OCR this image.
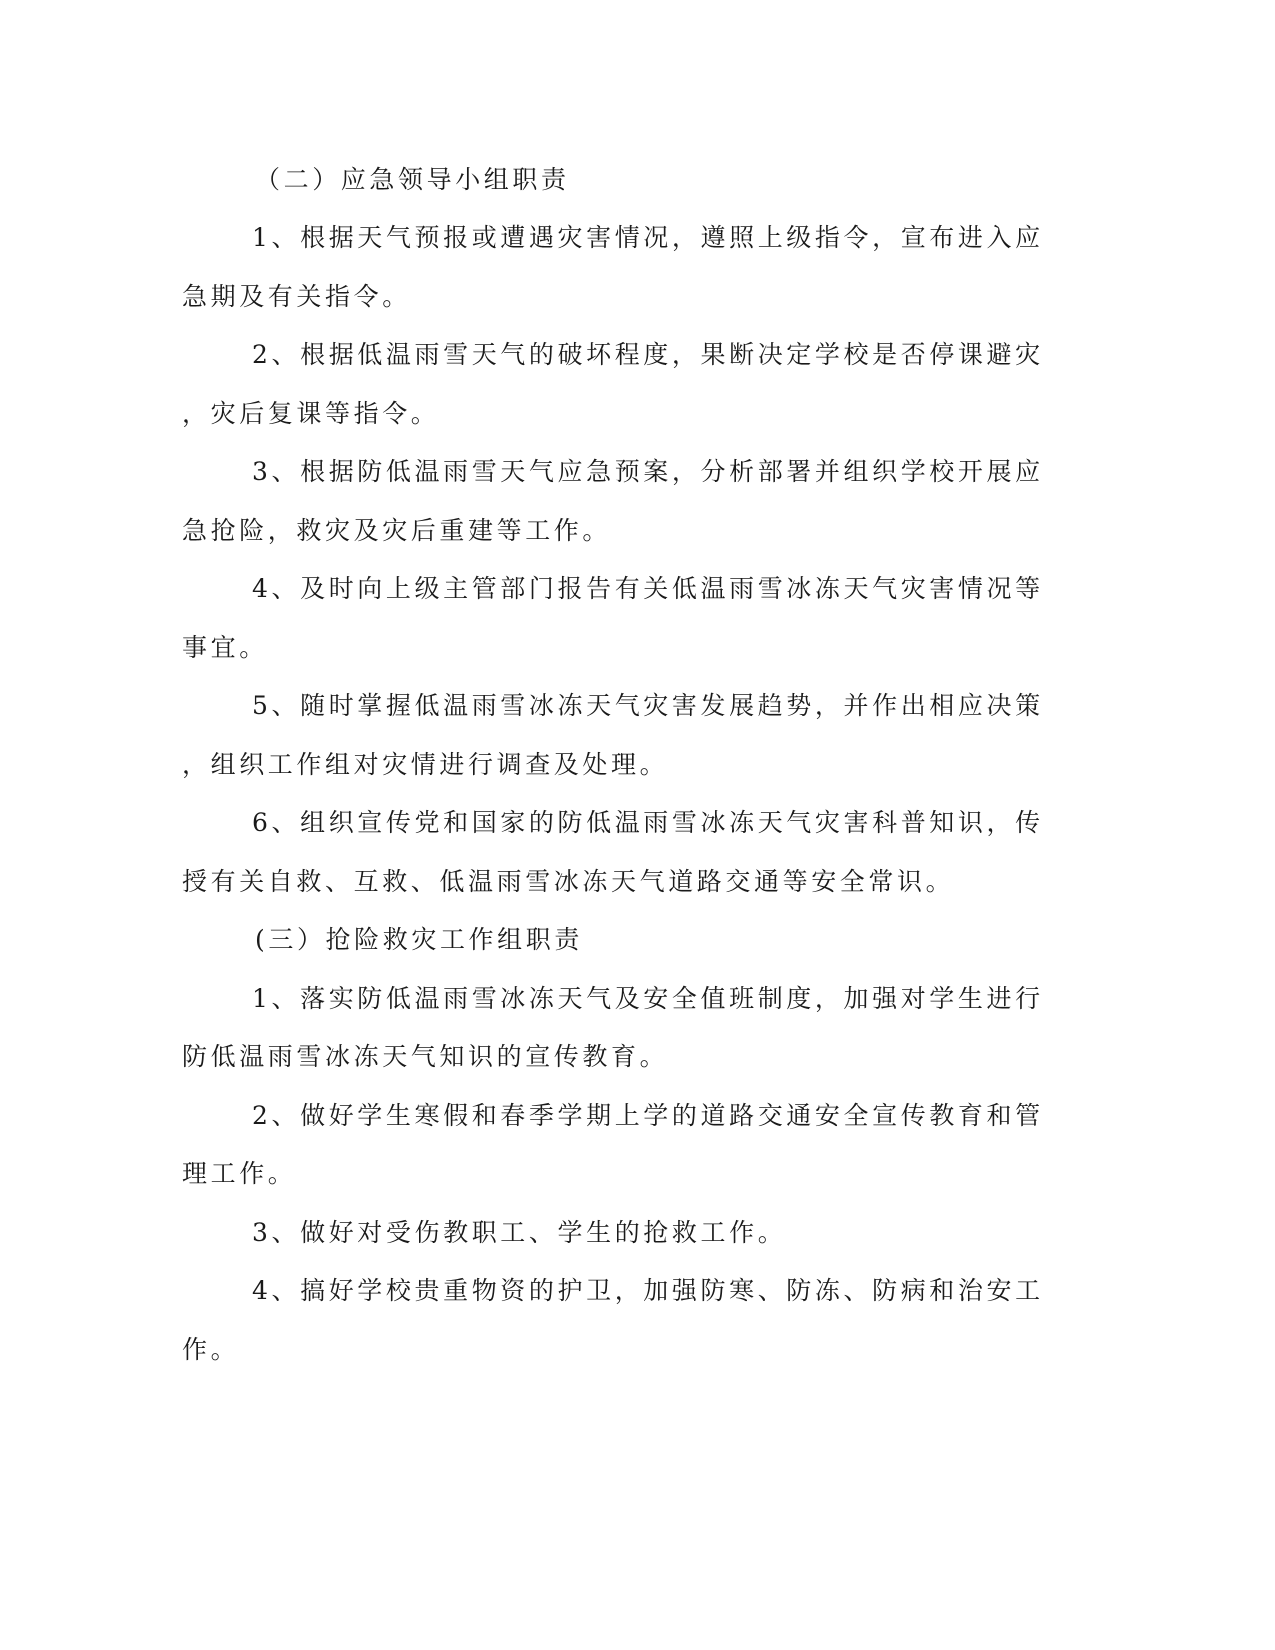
（二）应急领导小组职责
1、根据天气预报或遭遇灾害情况，遵照上级指令，宣布进入应
急期及有关指令。
2、根据低温雨雪天气的破坏程度，果断决定学校是否停课避灾
，灾后复课等指令。
3、根据防低温雨雪天气应急预案，分析部署并组织学校开展应
急抢险，救灾及灾后重建等工作。
4、及时向上级主管部门报告有关低温雨雪冰冻天气灾害情况等
事宜。
5、随时掌握低温雨雪冰冻天气灾害发展趋势，并作出相应决策
，组织工作组对灾情进行调查及处理。
6、组织宣传党和国家的防低温雨雪冰冻天气灾害科普知识，传
授有关自救、互救、低温雨雪冰冻天气道路交通等安全常识。
(三）抢险救灾工作组职责
1、落实防低温雨雪冰冻天气及安全值班制度，加强对学生进行
防低温雨雪冰冻天气知识的宣传教育。
2、做好学生寒假和春季学期上学的道路交通安全宣传教育和管
理工作。
3、做好对受伤教职工、学生的抢救工作。
4、搞好学校贵重物资的护卫，加强防寒、防冻、防病和治安工
作。
